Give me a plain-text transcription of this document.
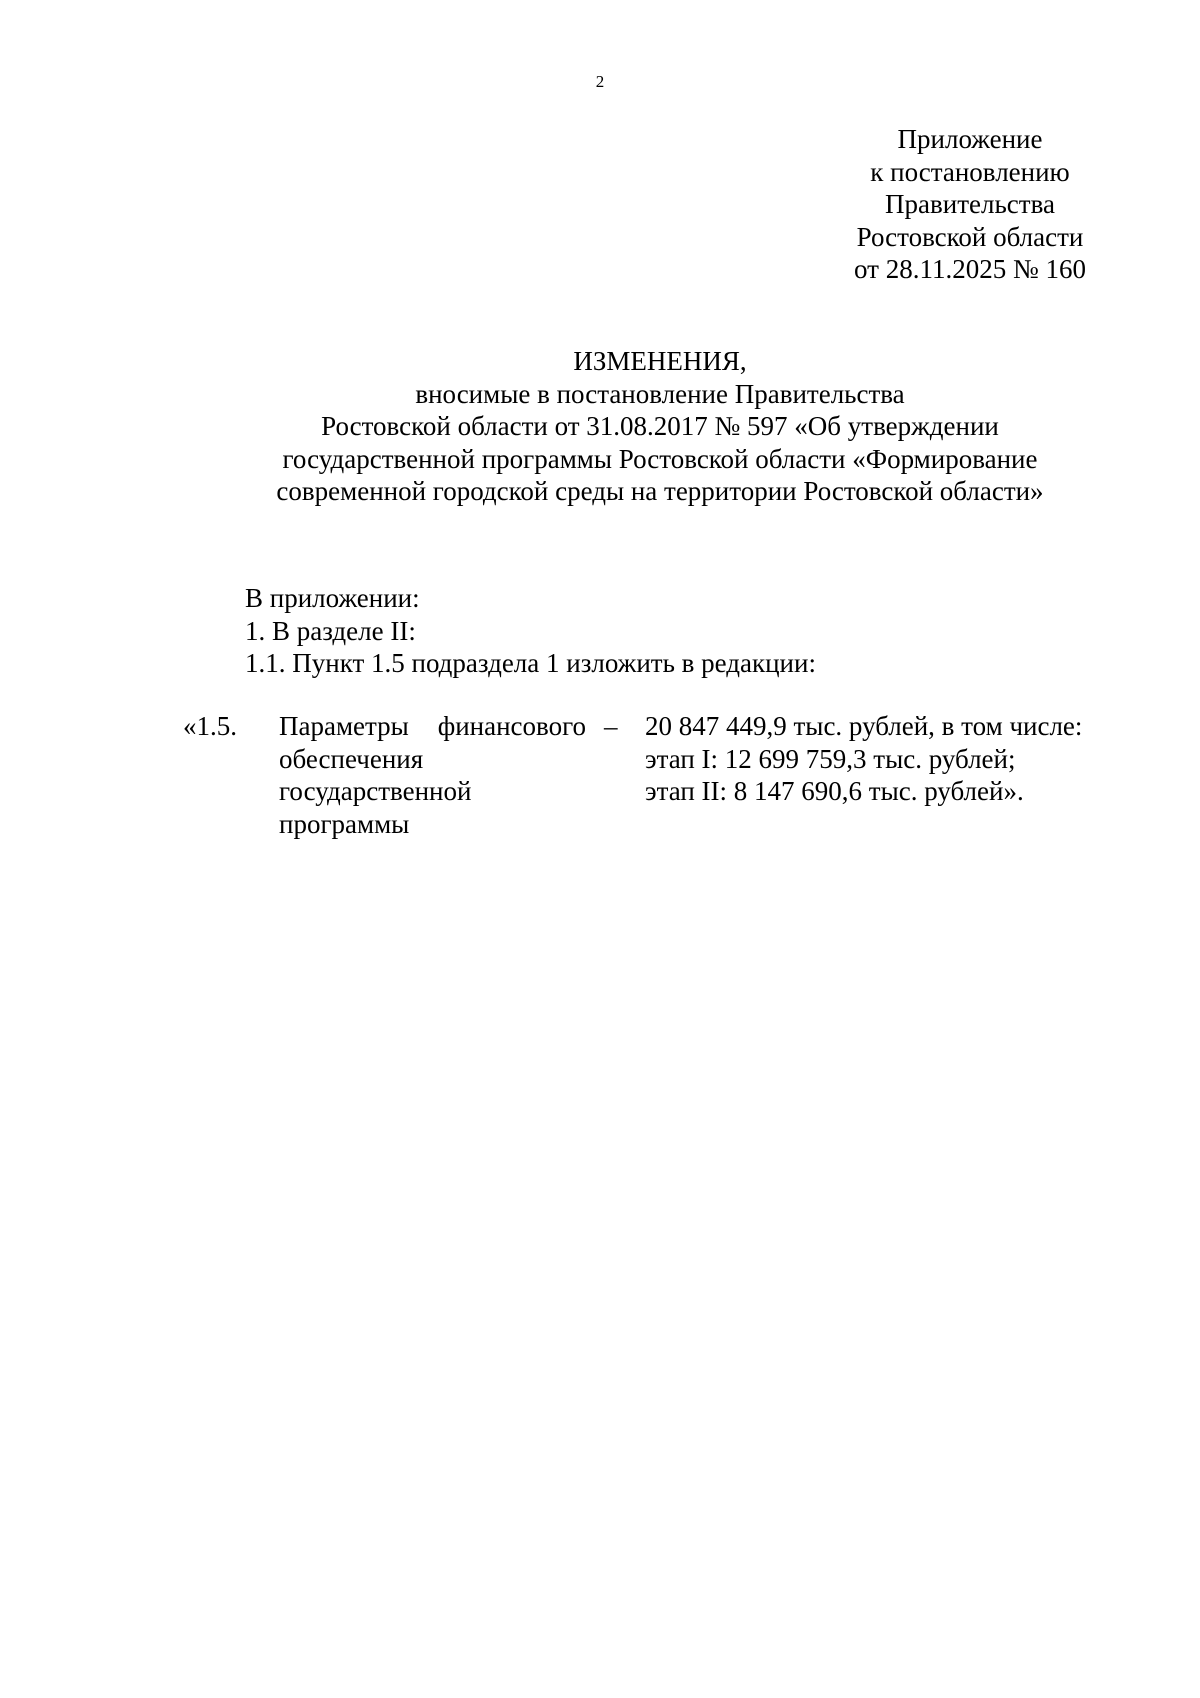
2
Приложение
к постановлению
Правительства
Ростовской области
от 28.11.2025 № 160
ИЗМЕНЕНИЯ,
вносимые в постановление Правительства
Ростовской области от 31.08.2017 № 597 «Об утверждении
государственной программы Ростовской области «Формирование
современной городской среды на территории Ростовской области»
В приложении:
1. В разделе II:
1.1. Пункт 1.5 подраздела 1 изложить в редакции:
«1.5. Параметры финансового
обеспечения
государственной
программы
– 20 847 449,9 тыс. рублей, в том числе:
этап I: 12 699 759,3 тыс. рублей;
этап II: 8 147 690,6 тыс. рублей».
